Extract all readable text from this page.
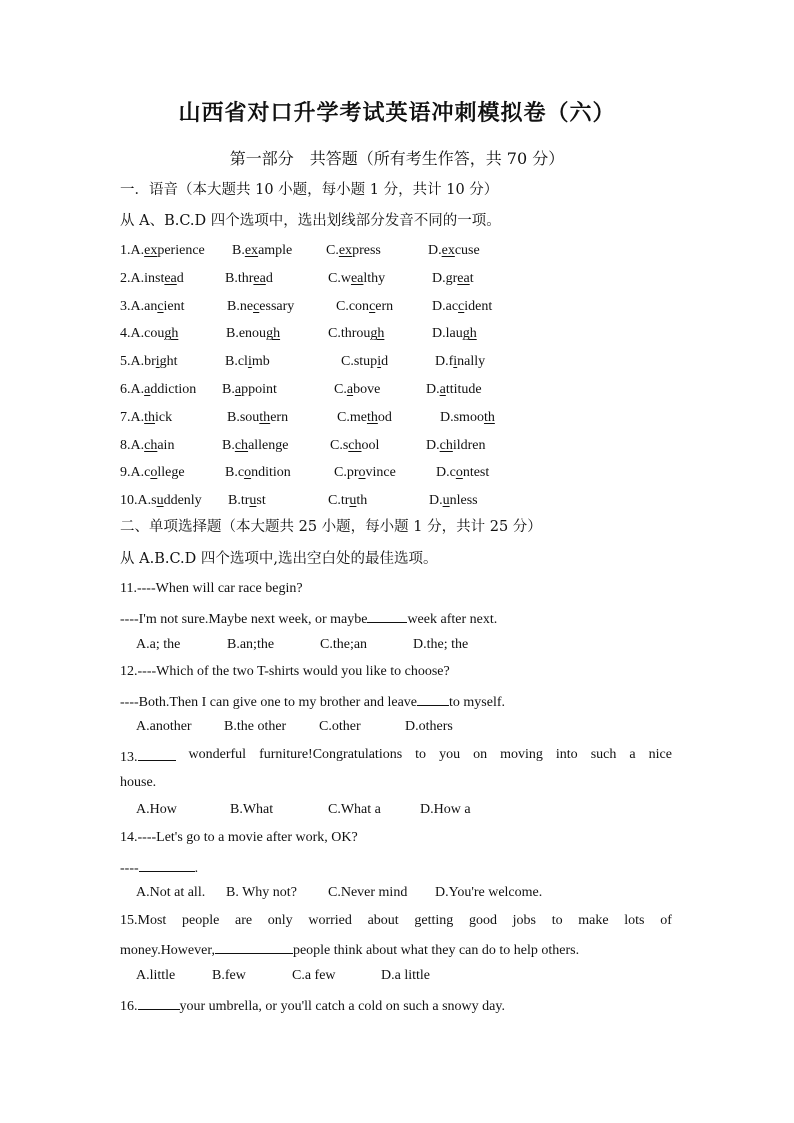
山西省对口升学考试英语冲刺模拟卷（六）
第一部分　共答题（所有考生作答，共 70 分）
一．语音（本大题共 10 小题，每小题 1 分，共计 10 分）
从 A、B.C.D 四个选项中，选出划线部分发音不同的一项。
1.A.experience B.example C.express	D.excuse
2.A.instead	B.thread	C.wealthy	D.great
3.A.ancient	B.necessary	C.concern	D.accident
4.A.cough	B.enough	C.through	D.laugh
5.A.bright	B.climb	C.stupid	D.finally
6.A.addiction B.appoint	C.above	D.attitude
7.A.thick	B.southern	C.method	D.smooth
8.A.chain	B.challenge	C.school	D.children
9.A.college	B.condition	C.province	D.contest
10.A.suddenly B.trust	C.truth	D.unless
二、单项选择题（本大题共 25 小题，每小题 1 分，共计 25 分）
从 A.B.C.D 四个选项中,选出空白处的最佳选项。
11.----When will car race begin?
----I'm not sure.Maybe next week, or maybe	week after next.
A.a; the	B.an;the	C.the;an	D.the; the
12.----Which of the two T-shirts would you like to choose?
----Both.Then I can give one to my brother and leave to myself.
A.another B.the other C.other	D.others
13.	wonderful furniture!Congratulations to you on moving into such a nice
house.
A.How	B.What	C.What a	D.How a
14.----Let's go to a movie after work, OK?
----	.
A.Not at all. B. Why not? C.Never mind D.You're welcome.
15.Most people are only worried about getting good jobs to make lots of
money.However,	people think about what they can do to help others.
A.little	B.few	C.a few	D.a little
16.	your umbrella, or you'll catch a cold on such a snowy day.
